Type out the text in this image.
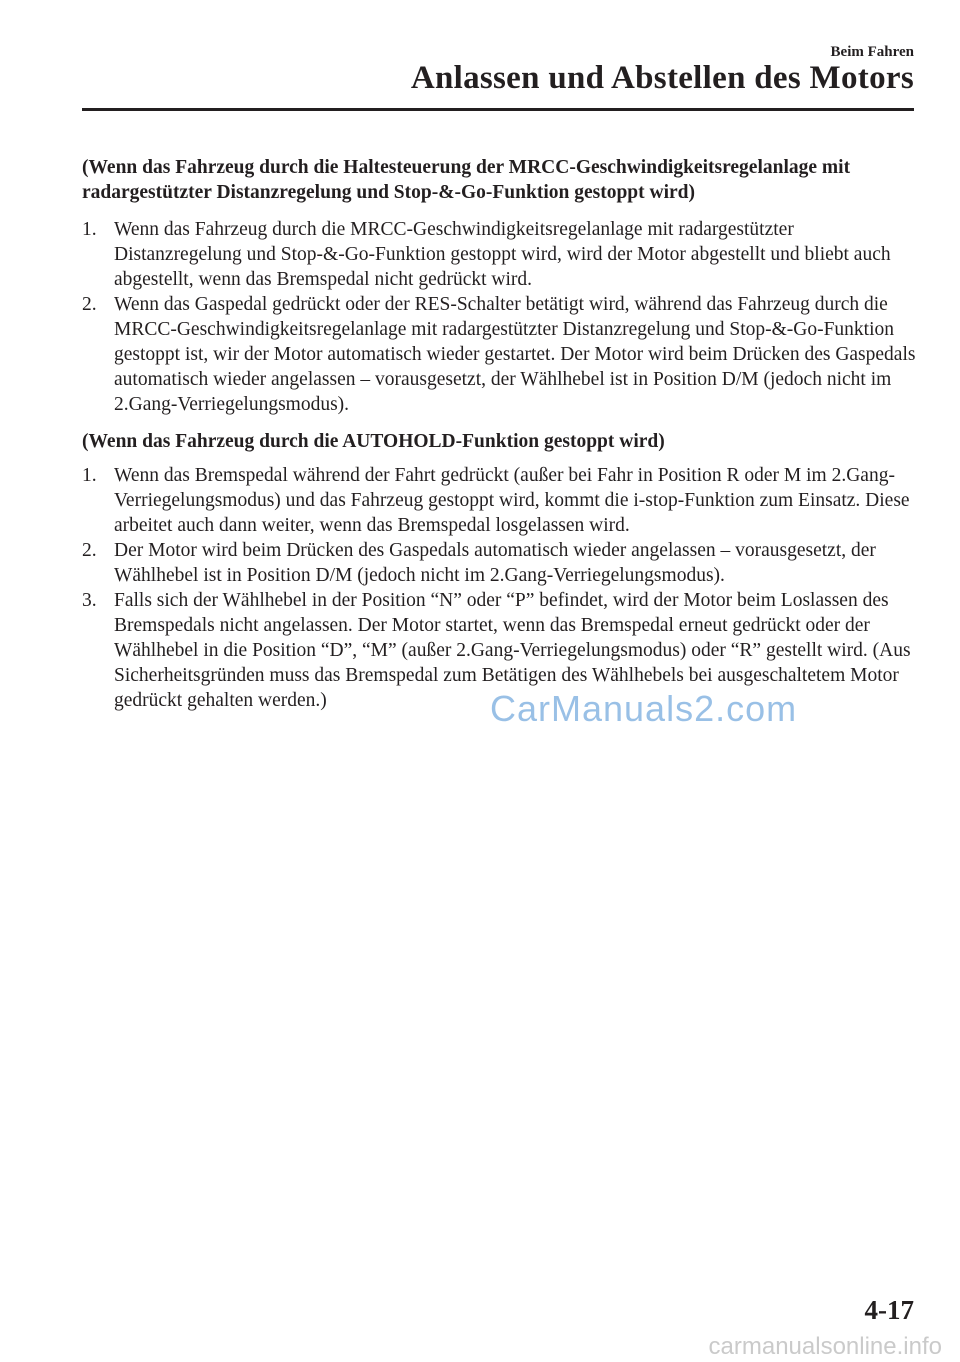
Beim Fahren
Anlassen und Abstellen des Motors

(Wenn das Fahrzeug durch die Haltesteuerung der MRCC-Geschwindigkeitsregelanlage mit radargestützter Distanzregelung und Stop-&-Go-Funktion gestoppt wird)

1. Wenn das Fahrzeug durch die MRCC-Geschwindigkeitsregelanlage mit radargestützter Distanzregelung und Stop-&-Go-Funktion gestoppt wird, wird der Motor abgestellt und bliebt auch abgestellt, wenn das Bremspedal nicht gedrückt wird.
2. Wenn das Gaspedal gedrückt oder der RES-Schalter betätigt wird, während das Fahrzeug durch die MRCC-Geschwindigkeitsregelanlage mit radargestützter Distanzregelung und Stop-&-Go-Funktion gestoppt ist, wir der Motor automatisch wieder gestartet. Der Motor wird beim Drücken des Gaspedals automatisch wieder angelassen – vorausgesetzt, der Wählhebel ist in Position D/M (jedoch nicht im 2.Gang-Verriegelungsmodus).

(Wenn das Fahrzeug durch die AUTOHOLD-Funktion gestoppt wird)

1. Wenn das Bremspedal während der Fahrt gedrückt (außer bei Fahr in Position R oder M im 2.Gang-Verriegelungsmodus) und das Fahrzeug gestoppt wird, kommt die i-stop-Funktion zum Einsatz. Diese arbeitet auch dann weiter, wenn das Bremspedal losgelassen wird.
2. Der Motor wird beim Drücken des Gaspedals automatisch wieder angelassen – vorausgesetzt, der Wählhebel ist in Position D/M (jedoch nicht im 2.Gang-Verriegelungsmodus).
3. Falls sich der Wählhebel in der Position “N” oder “P” befindet, wird der Motor beim Loslassen des Bremspedals nicht angelassen. Der Motor startet, wenn das Bremspedal erneut gedrückt oder der Wählhebel in die Position “D”, “M” (außer 2.Gang-Verriegelungsmodus) oder “R” gestellt wird. (Aus Sicherheitsgründen muss das Bremspedal zum Betätigen des Wählhebels bei ausgeschaltetem Motor gedrückt gehalten werden.)	CarManuals2.com
4-17
carmanualsonline.info
